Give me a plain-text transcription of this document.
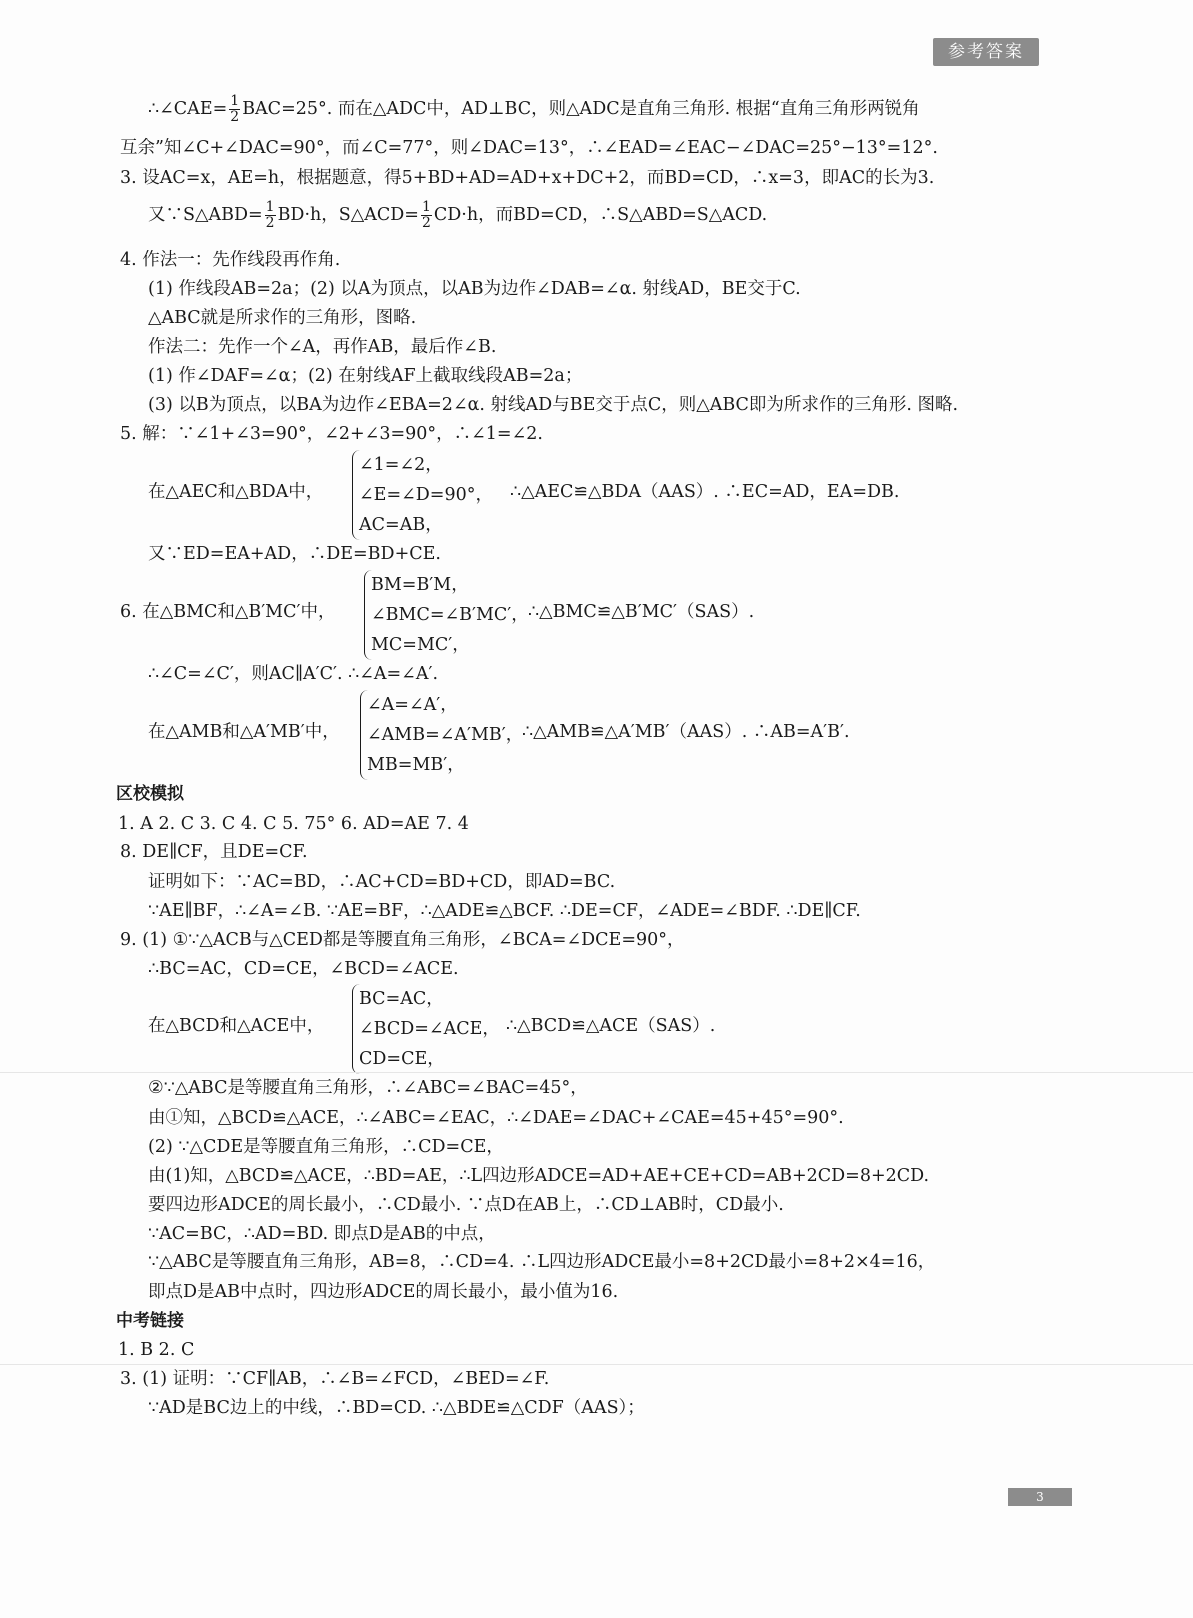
参考答案
∴∠CAE= $\frac{1}{2} BAC=25^\circ$. 而在△ADC中，AD⊥BC，则△ADC是直角三角形. 根据“直角三角形两锐角
互余”知∠C+∠DAC=90°，而∠C=77°，则∠DAC=13°，∴∠EAD=∠EAC−∠DAC=25°−13°=12°.
3. 设AC=x，AE=h，根据题意，得5+BD+AD=AD+x+DC+2，而BD=CD，∴x=3，即AC的长为3.
又∵S△ABD= $\frac{1}{2} BD\cdot h$，S△ACD= $\frac{1}{2} CD\cdot h$，而BD=CD，∴S△ABD=S△ACD.
4. 作法一：先作线段再作角.
(1) 作线段AB=2a；(2) 以A为顶点，以AB为边作∠DAB=∠α. 射线AD，BE交于C.
△ABC就是所求作的三角形，图略.
作法二：先作一个∠A，再作AB，最后作∠B.
(1) 作∠DAF=∠α；(2) 在射线AF上截取线段AB=2a；
(3) 以B为顶点，以BA为边作∠EBA=2∠α. 射线AD与BE交于点C，则△ABC即为所求作的三角形. 图略.
5. 解：∵∠1+∠3=90°，∠2+∠3=90°，∴∠1=∠2.
在△AEC和△BDA中，
∠1=∠2，
∠E=∠D=90°，
AC=AB，
∴△AEC≌△BDA（AAS）. ∴EC=AD，EA=DB.
又∵ED=EA+AD，∴DE=BD+CE.
6. 在△BMC和△B′MC′中，
BM=B′M，
∠BMC=∠B′MC′，
MC=MC′，
∴△BMC≌△B′MC′（SAS）.
∴∠C=∠C′，则AC∥A′C′. ∴∠A=∠A′.
在△AMB和△A′MB′中，
∠A=∠A′，
∠AMB=∠A′MB′，
MB=MB′，
∴△AMB≌△A′MB′（AAS）. ∴AB=A′B′.
区校模拟
1. A 2. C 3. C 4. C 5. 75° 6. AD=AE 7. 4
8. DE∥CF，且DE=CF.
证明如下：∵AC=BD，∴AC+CD=BD+CD，即AD=BC.
∵AE∥BF，∴∠A=∠B. ∵AE=BF，∴△ADE≌△BCF. ∴DE=CF，∠ADE=∠BDF. ∴DE∥CF.
9. (1) ①∵△ACB与△CED都是等腰直角三角形，∠BCA=∠DCE=90°，
∴BC=AC，CD=CE，∠BCD=∠ACE.
在△BCD和△ACE中，
BC=AC，
∠BCD=∠ACE，
CD=CE，
∴△BCD≌△ACE（SAS）.
②∵△ABC是等腰直角三角形，∴∠ABC=∠BAC=45°，
由①知，△BCD≌△ACE，∴∠ABC=∠EAC，∴∠DAE=∠DAC+∠CAE=45+45°=90°.
(2) ∵△CDE是等腰直角三角形，∴CD=CE，
由(1)知，△BCD≌△ACE，∴BD=AE，∴L四边形ADCE=AD+AE+CE+CD=AB+2CD=8+2CD.
要四边形ADCE的周长最小，∴CD最小. ∵点D在AB上，∴CD⊥AB时，CD最小.
∵AC=BC，∴AD=BD. 即点D是AB的中点，
∵△ABC是等腰直角三角形，AB=8，∴CD=4. ∴L四边形ADCE最小=8+2CD最小=8+2×4=16，
即点D是AB中点时，四边形ADCE的周长最小，最小值为16.
中考链接
1. B 2. C
3. (1) 证明：∵CF∥AB，∴∠B=∠FCD，∠BED=∠F.
∵AD是BC边上的中线，∴BD=CD. ∴△BDE≌△CDF（AAS）；
3
